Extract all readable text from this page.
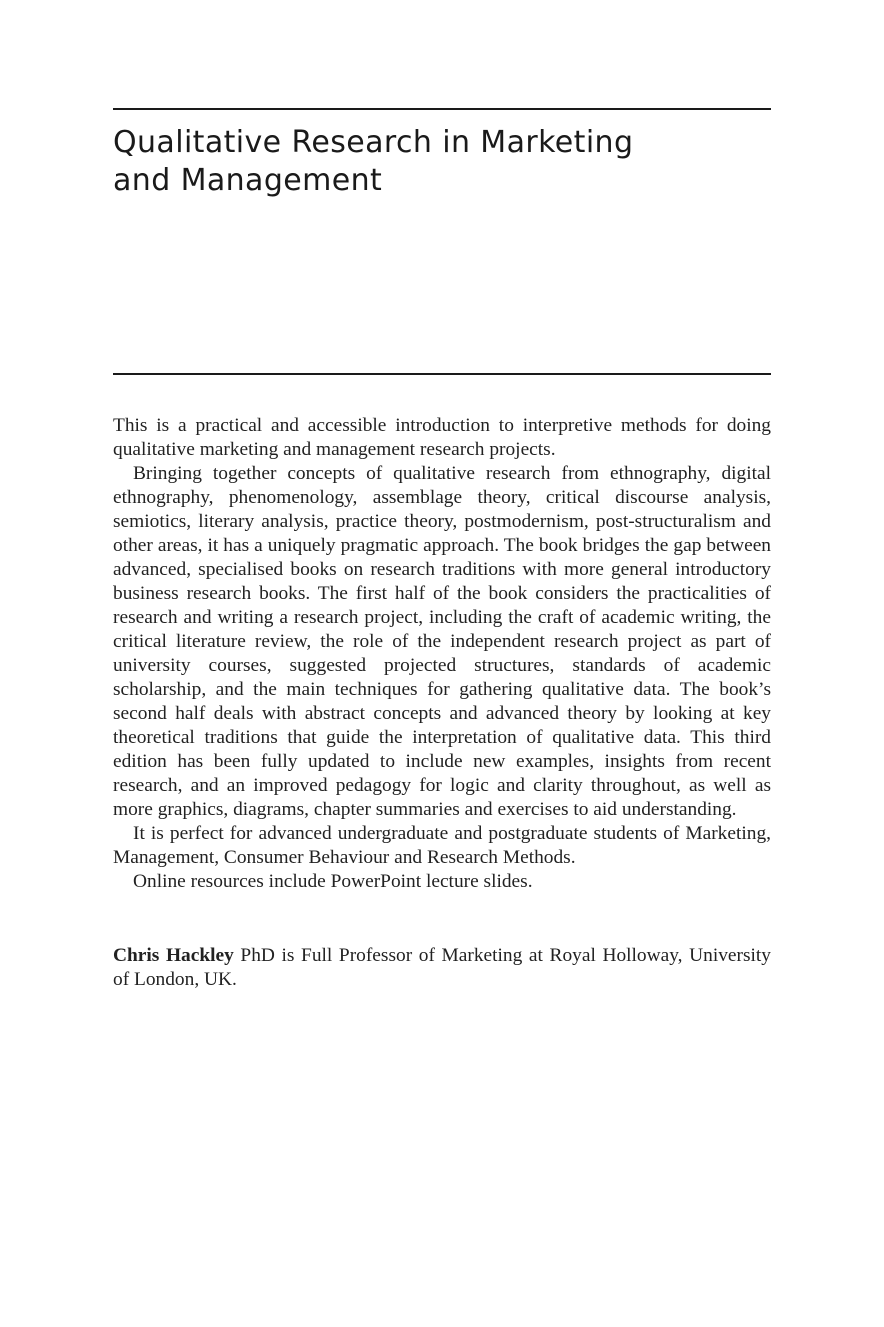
Qualitative Research in Marketing
and Management

This is a practical and accessible introduction to interpretive methods for doing qualitative marketing and management research projects.

Bringing together concepts of qualitative research from ethnography, digital ethnography, phenomenology, assemblage theory, critical discourse analysis, semiotics, literary analysis, practice theory, postmodernism, post-structuralism and other areas, it has a uniquely pragmatic approach. The book bridges the gap between advanced, specialised books on research traditions with more general introductory business research books. The first half of the book considers the practicalities of research and writing a research project, including the craft of academic writing, the critical literature review, the role of the independent research project as part of university courses, suggested projected structures, standards of academic scholarship, and the main techniques for gathering qualitative data. The book’s second half deals with abstract concepts and advanced theory by looking at key theoretical traditions that guide the interpretation of qualitative data. This third edition has been fully updated to include new examples, insights from recent research, and an improved pedagogy for logic and clarity throughout, as well as more graphics, diagrams, chapter summaries and exercises to aid understanding.

It is perfect for advanced undergraduate and postgraduate students of Marketing, Management, Consumer Behaviour and Research Methods.

Online resources include PowerPoint lecture slides.

Chris Hackley PhD is Full Professor of Marketing at Royal Holloway, University of London, UK.
